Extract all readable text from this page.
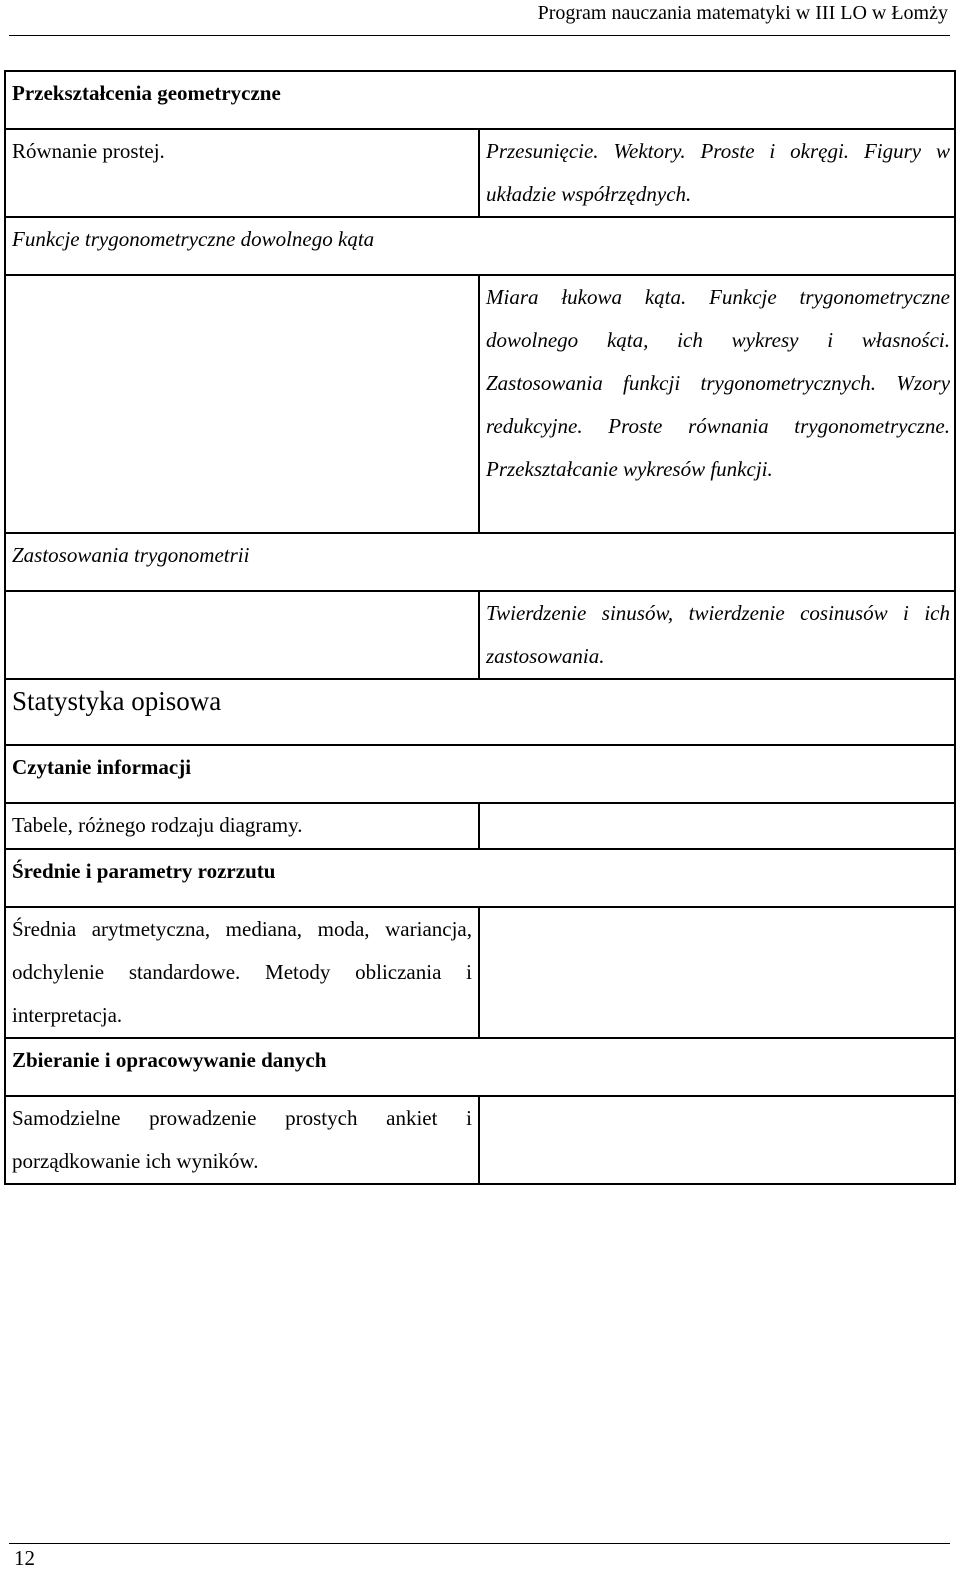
Program nauczania matematyki w III LO w Łomży
Przekształcenia geometryczne	
Równanie prostej.	Przesunięcie. Wektory. Proste i okręgi. Figury w układzie współrzędnych.
Funkcje trygonometryczne dowolnego kąta	
	Miara łukowa kąta. Funkcje trygonometryczne dowolnego kąta, ich wykresy i własności. Zastosowania funkcji trygonometrycznych. Wzory redukcyjne. Proste równania trygonometryczne. Przekształcanie wykresów funkcji.
Zastosowania trygonometrii	
	Twierdzenie sinusów, twierdzenie cosinusów i ich zastosowania.
Statystyka opisowa	
Czytanie informacji	
Tabele, różnego rodzaju diagramy.	
Średnie i parametry rozrzutu	
Średnia arytmetyczna, mediana, moda, wariancja, odchylenie standardowe. Metody obliczania i interpretacja.	
Zbieranie i opracowywanie danych	
Samodzielne prowadzenie prostych ankiet i porządkowanie ich wyników.	
12
